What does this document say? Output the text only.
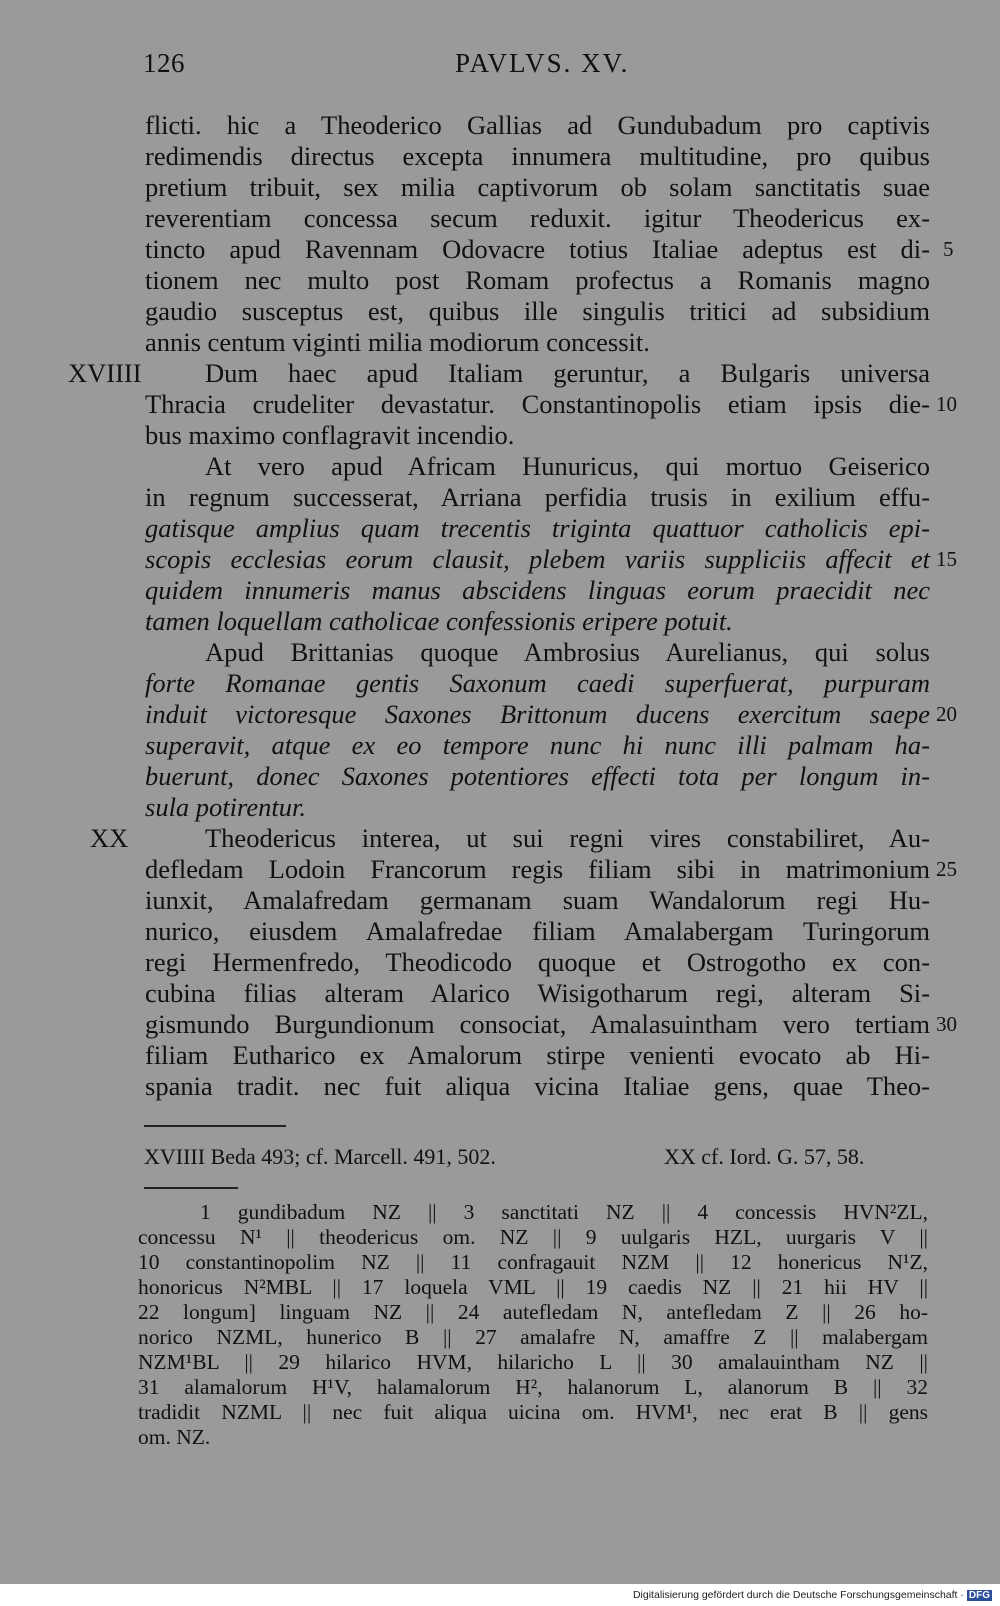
126	PAVLVS. XV.
flicti. hic a Theoderico Gallias ad Gundubadum pro captivis
redimendis directus excepta innumera multitudine, pro quibus
pretium tribuit, sex milia captivorum ob solam sanctitatis suae
reverentiam concessa secum reduxit. igitur Theodericus ex-
tincto apud Ravennam Odovacre totius Italiae adeptus est di-
tionem nec multo post Romam profectus a Romanis magno
gaudio susceptus est, quibus ille singulis tritici ad subsidium
annis centum viginti milia modiorum concessit.
Dum haec apud Italiam geruntur, a Bulgaris universa
Thracia crudeliter devastatur. Constantinopolis etiam ipsis die-
bus maximo conflagravit incendio.
At vero apud Africam Hunuricus, qui mortuo Geiserico
in regnum successerat, Arriana perfidia trusis in exilium effu-
gatisque amplius quam trecentis triginta quattuor catholicis epi-
scopis ecclesias eorum clausit, plebem variis suppliciis affecit et
quidem innumeris manus abscidens linguas eorum praecidit nec
tamen loquellam catholicae confessionis eripere potuit.
Apud Brittanias quoque Ambrosius Aurelianus, qui solus
forte Romanae gentis Saxonum caedi superfuerat, purpuram
induit victoresque Saxones Brittonum ducens exercitum saepe
superavit, atque ex eo tempore nunc hi nunc illi palmam ha-
buerunt, donec Saxones potentiores effecti tota per longum in-
sula potirentur.
Theodericus interea, ut sui regni vires constabiliret, Au-
defledam Lodoin Francorum regis filiam sibi in matrimonium
iunxit, Amalafredam germanam suam Wandalorum regi Hu-
nurico, eiusdem Amalafredae filiam Amalabergam Turingorum
regi Hermenfredo, Theodicodo quoque et Ostrogotho ex con-
cubina filias alteram Alarico Wisigotharum regi, alteram Si-
gismundo Burgundionum consociat, Amalasuintham vero tertiam
filiam Eutharico ex Amalorum stirpe venienti evocato ab Hi-
spania tradit. nec fuit aliqua vicina Italiae gens, quae Theo-
XVIIII
XX
5
10
15
20
25
30
XVIIII Beda 493; cf. Marcell. 491, 502.	XX cf. Iord. G. 57, 58.
1 gundibadum NZ || 3 sanctitati NZ || 4 concessis HVN²ZL,
concessu N¹ || theodericus om. NZ || 9 uulgaris HZL, uurgaris V ||
10 constantinopolim NZ || 11 confragauit NZM || 12 honericus N¹Z,
honoricus N²MBL || 17 loquela VML || 19 caedis NZ || 21 hii HV ||
22 longum] linguam NZ || 24 autefledam N, antefledam Z || 26 ho-
norico NZML, hunerico B || 27 amalafre N, amaffre Z || malabergam
NZM¹BL || 29 hilarico HVM, hilaricho L || 30 amalauintham NZ ||
31 alamalorum H¹V, halamalorum H², halanorum L, alanorum B || 32
tradidit NZML || nec fuit aliqua uicina om. HVM¹, nec erat B || gens
om. NZ.
Digitalisierung gefördert durch die Deutsche Forschungsgemeinschaft · DFG
